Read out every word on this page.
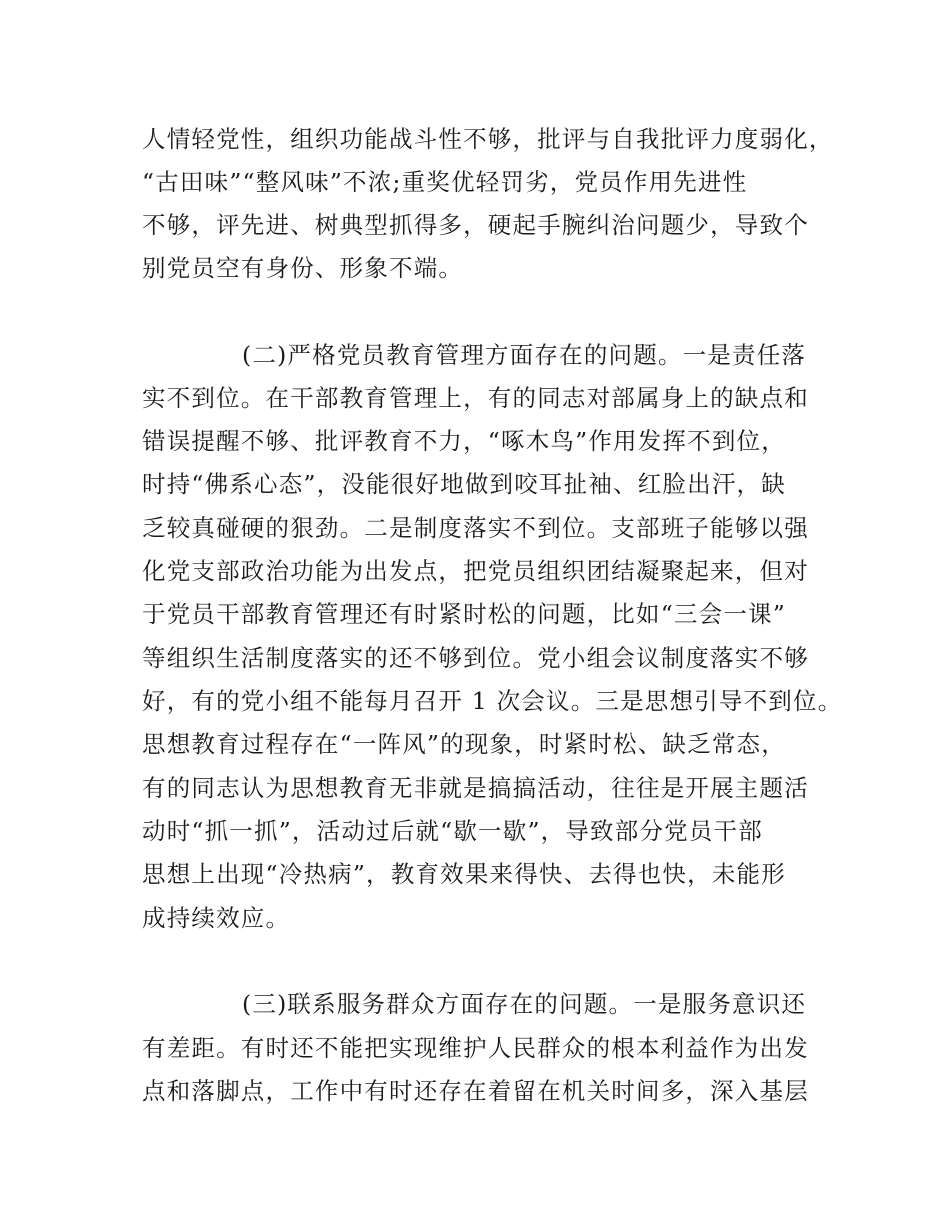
人情轻党性，组织功能战斗性不够，批评与自我批评力度弱化，
“古田味”“整风味”不浓;重奖优轻罚劣，党员作用先进性
不够，评先进、树典型抓得多，硬起手腕纠治问题少，导致个
别党员空有身份、形象不端。
(二)严格党员教育管理方面存在的问题。一是责任落
实不到位。在干部教育管理上，有的同志对部属身上的缺点和
错误提醒不够、批评教育不力，“啄木鸟”作用发挥不到位，
时持“佛系心态”，没能很好地做到咬耳扯袖、红脸出汗，缺
乏较真碰硬的狠劲。二是制度落实不到位。支部班子能够以强
化党支部政治功能为出发点，把党员组织团结凝聚起来，但对
于党员干部教育管理还有时紧时松的问题，比如“三会一课”
等组织生活制度落实的还不够到位。党小组会议制度落实不够
好，有的党小组不能每月召开 1 次会议。三是思想引导不到位。
思想教育过程存在“一阵风”的现象，时紧时松、缺乏常态，
有的同志认为思想教育无非就是搞搞活动，往往是开展主题活
动时“抓一抓”，活动过后就“歇一歇”，导致部分党员干部
思想上出现“冷热病”，教育效果来得快、去得也快，未能形
成持续效应。
(三)联系服务群众方面存在的问题。一是服务意识还
有差距。有时还不能把实现维护人民群众的根本利益作为出发
点和落脚点，工作中有时还存在着留在机关时间多，深入基层
